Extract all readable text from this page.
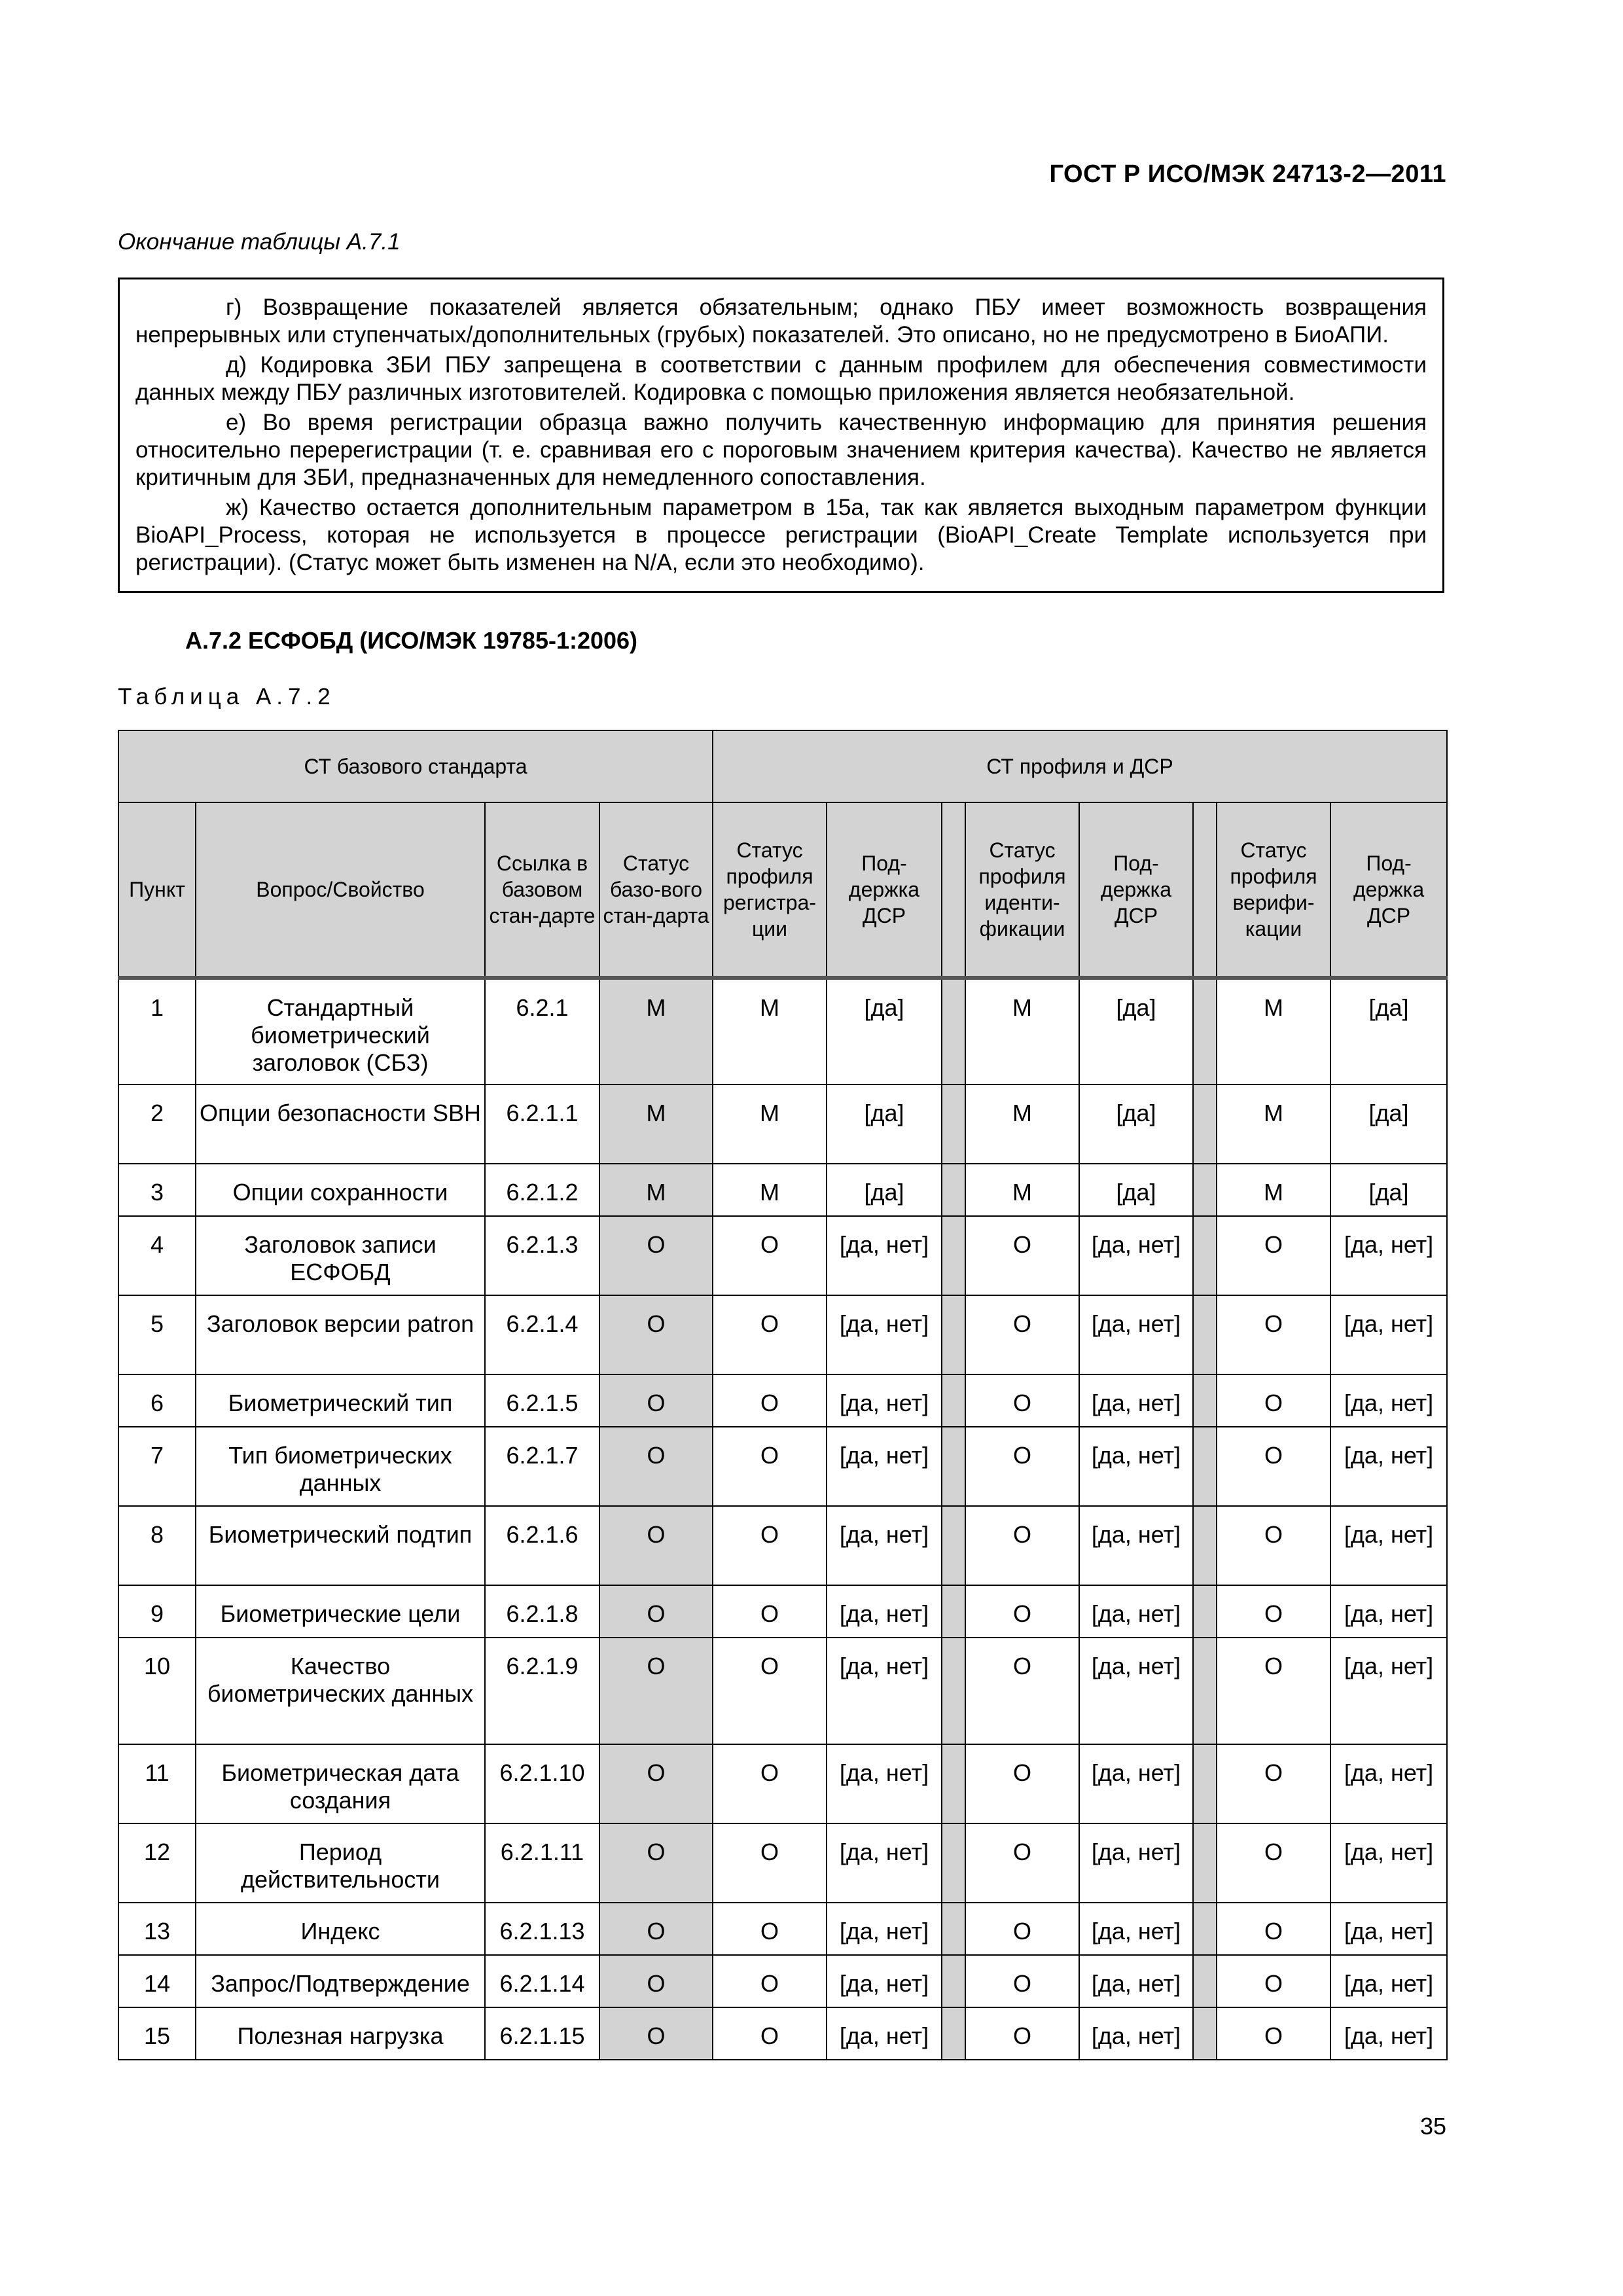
ГОСТ Р ИСО/МЭК 24713-2—2011
Окончание таблицы А.7.1

г) Возвращение показателей является обязательным; однако ПБУ имеет возможность возвращения непрерывных или ступенчатых/дополнительных (грубых) показателей. Это описано, но не предусмотрено в БиоАПИ.

д) Кодировка ЗБИ ПБУ запрещена в соответствии с данным профилем для обеспечения совместимости данных между ПБУ различных изготовителей. Кодировка с помощью приложения является необязательной.

е) Во время регистрации образца важно получить качественную информацию для принятия решения относительно перерегистрации (т. е. сравнивая его с пороговым значением критерия качества). Качество не является критичным для ЗБИ, предназначенных для немедленного сопоставления.

ж) Качество остается дополнительным параметром в 15а, так как является выходным параметром функции BioAPI_Process, которая не используется в процессе регистрации (BioAPI_Create Template используется при регистрации). (Статус может быть изменен на N/A, если это необходимо).

А.7.2 ЕСФОБД (ИСО/МЭК 19785-1:2006)
Таблица А.7.2
СТ базового стандарта				СТ профиля и ДСР							
Пункт	Вопрос/Свойство	Ссылка в базовом стан-дарте	Статус базо-вого стан-дарта	Статус профиля регистра-ции	Под-держка ДСР		Статус профиля иденти-фикации	Под-держка ДСР		Статус профиля верифи-кации	Под-держка ДСР
1	Стандартный биометрический заголовок (СБЗ)	6.2.1	М	М	[да]		М	[да]		М	[да]
2	Опции безопасности SBH	6.2.1.1	М	М	[да]		М	[да]		М	[да]
3	Опции сохранности	6.2.1.2	М	М	[да]		М	[да]		М	[да]
4	Заголовок записи ЕСФОБД	6.2.1.3	О	О	[да, нет]		О	[да, нет]		О	[да, нет]
5	Заголовок версии patron	6.2.1.4	О	О	[да, нет]		О	[да, нет]		О	[да, нет]
6	Биометрический тип	6.2.1.5	О	О	[да, нет]		О	[да, нет]		О	[да, нет]
7	Тип биометрических данных	6.2.1.7	О	О	[да, нет]		О	[да, нет]		О	[да, нет]
8	Биометрический подтип	6.2.1.6	О	О	[да, нет]		О	[да, нет]		О	[да, нет]
9	Биометрические цели	6.2.1.8	О	О	[да, нет]		О	[да, нет]		О	[да, нет]
10	Качество биометрических данных	6.2.1.9	О	О	[да, нет]		О	[да, нет]		О	[да, нет]
11	Биометрическая дата создания	6.2.1.10	О	О	[да, нет]		О	[да, нет]		О	[да, нет]
12	Период действительности	6.2.1.11	О	О	[да, нет]		О	[да, нет]		О	[да, нет]
13	Индекс	6.2.1.13	О	О	[да, нет]		О	[да, нет]		О	[да, нет]
14	Запрос/Подтверждение	6.2.1.14	О	О	[да, нет]		О	[да, нет]		О	[да, нет]
15	Полезная нагрузка	6.2.1.15	О	О	[да, нет]		О	[да, нет]		О	[да, нет]
35
